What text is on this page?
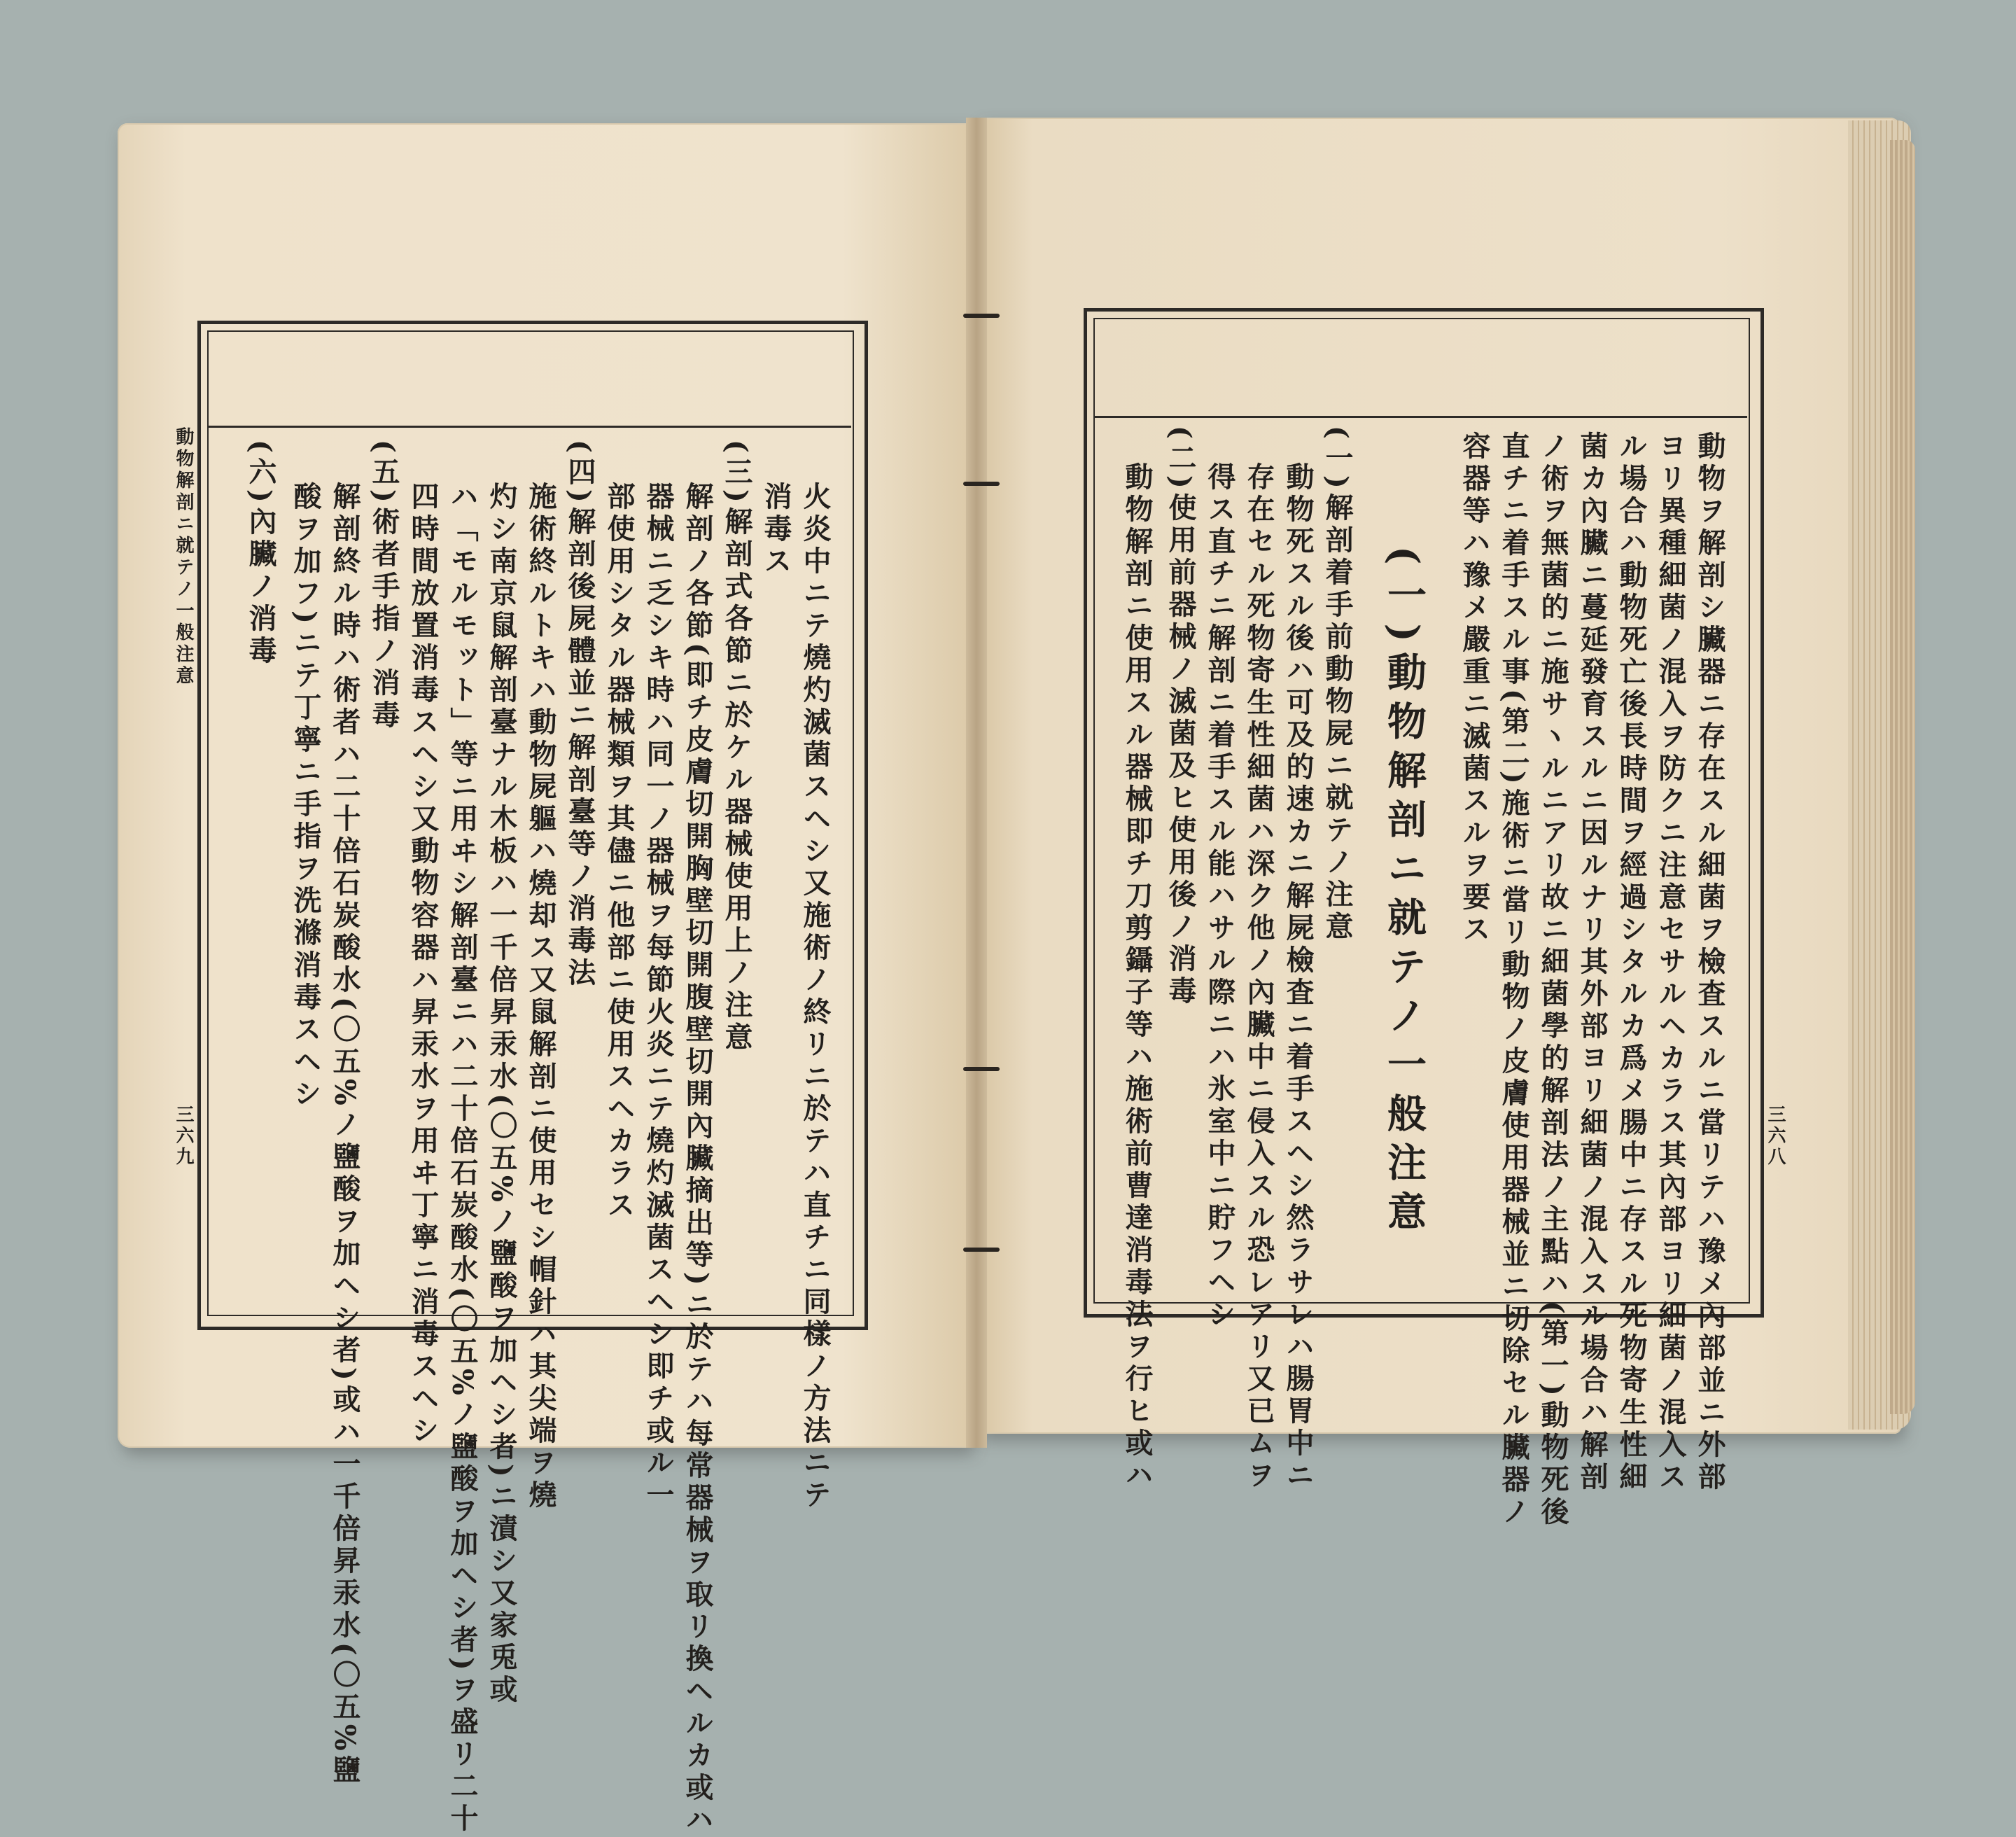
動物解剖ニ就テノ一般注意
三六九	火炎中ニテ燒灼滅菌スヘシ又施術ノ終リニ於テハ直チニ同樣ノ方法ニテ
消毒ス
(三)解剖式各節ニ於ケル器械使用上ノ注意
解剖ノ各節(即チ皮膚切開胸壁切開腹壁切開內臟摘出等)ニ於テハ每常器械ヲ取リ換ヘルカ或ハ
器械ニ乏シキ時ハ同一ノ器械ヲ每節火炎ニテ燒灼滅菌スヘシ即チ或ル一
部使用シタル器械類ヲ其儘ニ他部ニ使用スヘカラス
(四)解剖後屍體並ニ解剖臺等ノ消毒法
施術終ルトキハ動物屍軀ハ燒却ス又鼠解剖ニ使用セシ帽針ハ其尖端ヲ燒
灼シ南京鼠解剖臺ナル木板ハ一千倍昇汞水(〇五%ノ鹽酸ヲ加ヘシ者)ニ漬シ又家兎或
ハ「モルモット」等ニ用ヰシ解剖臺ニハ二十倍石炭酸水(〇五%ノ鹽酸ヲ加ヘシ者)ヲ盛リ二十
四時間放置消毒スヘシ又動物容器ハ昇汞水ヲ用ヰ丁寧ニ消毒スヘシ
(五)術者手指ノ消毒
解剖終ル時ハ術者ハ二十倍石炭酸水(〇五%ノ鹽酸ヲ加ヘシ者)或ハ一千倍昇汞水(〇五%鹽
酸ヲ加フ)ニテ丁寧ニ手指ヲ洗滌消毒スヘシ
(六)內臟ノ消毒
三六八
動物ヲ解剖シ臟器ニ存在スル細菌ヲ檢査スルニ當リテハ豫メ內部並ニ外部
ヨリ異種細菌ノ混入ヲ防クニ注意セサルヘカラス其內部ヨリ細菌ノ混入ス
ル場合ハ動物死亡後長時間ヲ經過シタルカ爲メ腸中ニ存スル死物寄生性細
菌カ內臟ニ蔓延發育スルニ因ルナリ其外部ヨリ細菌ノ混入スル場合ハ解剖
ノ術ヲ無菌的ニ施サヽルニアリ故ニ細菌學的解剖法ノ主點ハ(第一)動物死後
直チニ着手スル事(第二)施術ニ當リ動物ノ皮膚使用器械並ニ切除セル臟器ノ
容器等ハ豫メ嚴重ニ滅菌スルヲ要ス
(一)動物解剖ニ就テノ一般注意
(一)解剖着手前動物屍ニ就テノ注意
動物死スル後ハ可及的速カニ解屍檢査ニ着手スヘシ然ラサレハ腸胃中ニ
存在セル死物寄生性細菌ハ深ク他ノ內臟中ニ侵入スル恐レアリ又已ムヲ
得ス直チニ解剖ニ着手スル能ハサル際ニハ氷室中ニ貯フヘシ
(二)使用前器械ノ滅菌及ヒ使用後ノ消毒
動物解剖ニ使用スル器械即チ刀剪鑷子等ハ施術前曹達消毒法ヲ行ヒ或ハ
